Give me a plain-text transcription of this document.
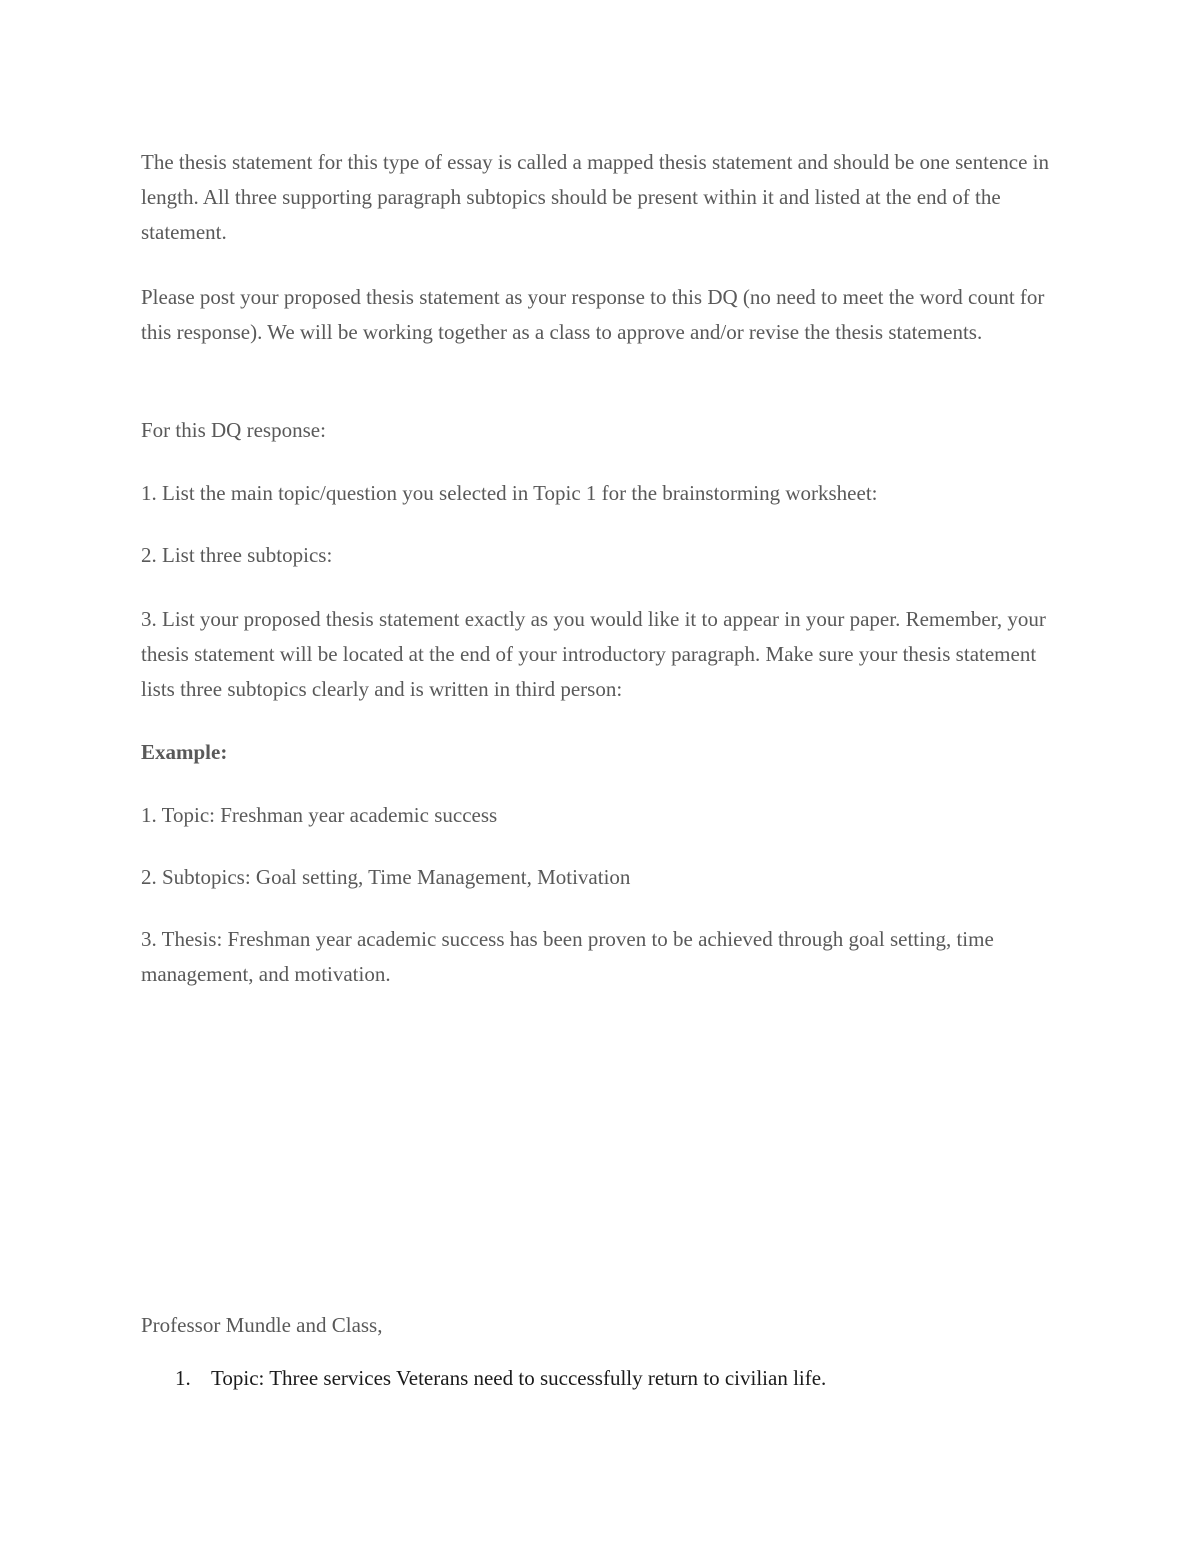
The thesis statement for this type of essay is called a mapped thesis statement and should be one sentence in length. All three supporting paragraph subtopics should be present within it and listed at the end of the statement.

Please post your proposed thesis statement as your response to this DQ (no need to meet the word count for this response). We will be working together as a class to approve and/or revise the thesis statements.

For this DQ response:

1. List the main topic/question you selected in Topic 1 for the brainstorming worksheet:

2. List three subtopics:

3. List your proposed thesis statement exactly as you would like it to appear in your paper. Remember, your thesis statement will be located at the end of your introductory paragraph. Make sure your thesis statement lists three subtopics clearly and is written in third person:

Example:

1. Topic: Freshman year academic success

2. Subtopics: Goal setting, Time Management, Motivation

3. Thesis: Freshman year academic success has been proven to be achieved through goal setting, time management, and motivation.

Professor Mundle and Class,

1. Topic: Three services Veterans need to successfully return to civilian life.
